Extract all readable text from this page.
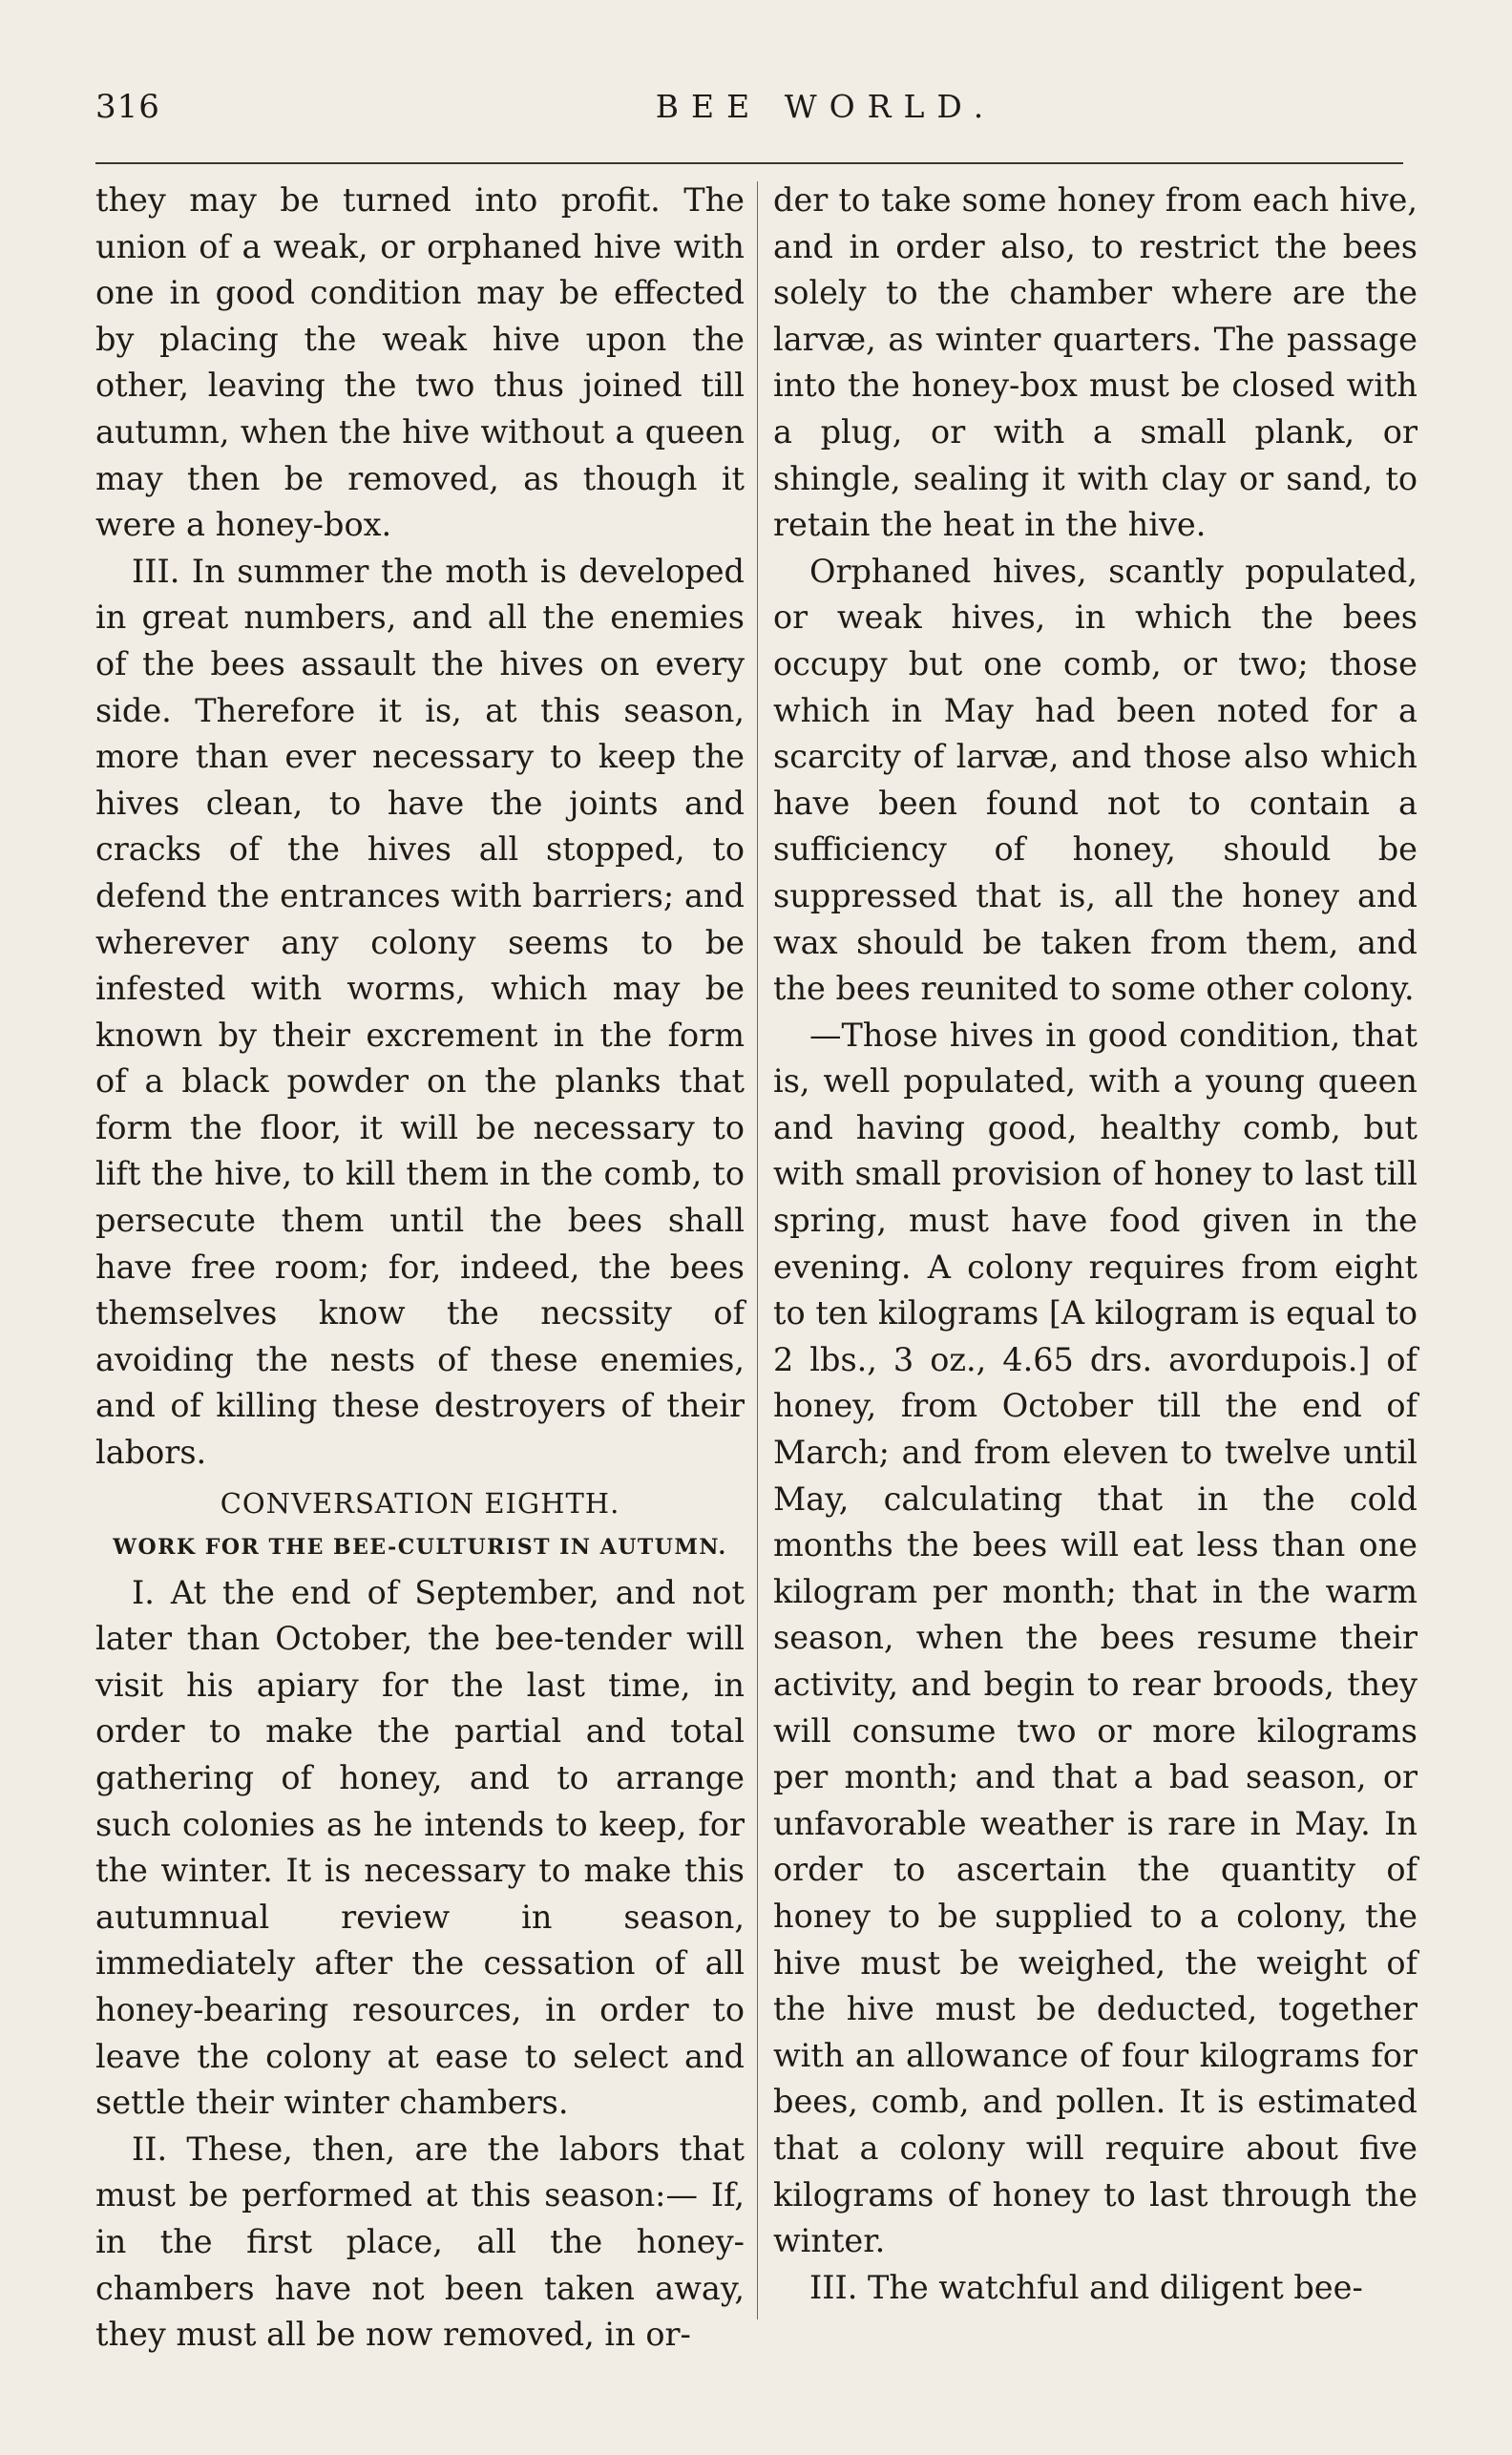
316	BEE WORLD.

they may be turned into profit. The union of a weak, or orphaned hive with one in good condition may be effected by placing the weak hive upon the other, leaving the two thus joined till autumn, when the hive without a queen may then be removed, as though it were a honey-box.

III. In summer the moth is developed in great numbers, and all the enemies of the bees assault the hives on every side. Therefore it is, at this season, more than ever necessary to keep the hives clean, to have the joints and cracks of the hives all stopped, to defend the entrances with barriers; and wherever any colony seems to be infested with worms, which may be known by their excrement in the form of a black powder on the planks that form the floor, it will be necessary to lift the hive, to kill them in the comb, to persecute them until the bees shall have free room; for, indeed, the bees themselves know the necssity of avoiding the nests of these enemies, and of killing these destroyers of their labors.

CONVERSATION EIGHTH.
WORK FOR THE BEE-CULTURIST IN AUTUMN.

I. At the end of September, and not later than October, the bee-tender will visit his apiary for the last time, in order to make the partial and total gathering of honey, and to arrange such colonies as he intends to keep, for the winter. It is necessary to make this autumnual review in season, immediately after the cessation of all honey-bearing resources, in order to leave the colony at ease to select and settle their winter chambers.

II. These, then, are the labors that must be performed at this season:— If, in the first place, all the honey-chambers have not been taken away, they must all be now removed, in or-

der to take some honey from each hive, and in order also, to restrict the bees solely to the chamber where are the larvæ, as winter quarters. The passage into the honey-box must be closed with a plug, or with a small plank, or shingle, sealing it with clay or sand, to retain the heat in the hive.

Orphaned hives, scantly populated, or weak hives, in which the bees occupy but one comb, or two; those which in May had been noted for a scarcity of larvæ, and those also which have been found not to contain a sufficiency of honey, should be suppressed that is, all the honey and wax should be taken from them, and the bees reunited to some other colony.

—Those hives in good condition, that is, well populated, with a young queen and having good, healthy comb, but with small provision of honey to last till spring, must have food given in the evening. A colony requires from eight to ten kilograms [A kilogram is equal to 2 lbs., 3 oz., 4.65 drs. avordupois.] of honey, from October till the end of March; and from eleven to twelve until May, calculating that in the cold months the bees will eat less than one kilogram per month; that in the warm season, when the bees resume their activity, and begin to rear broods, they will consume two or more kilograms per month; and that a bad season, or unfavorable weather is rare in May. In order to ascertain the quantity of honey to be supplied to a colony, the hive must be weighed, the weight of the hive must be deducted, together with an allowance of four kilograms for bees, comb, and pollen. It is estimated that a colony will require about five kilograms of honey to last through the winter.

III. The watchful and diligent bee-
